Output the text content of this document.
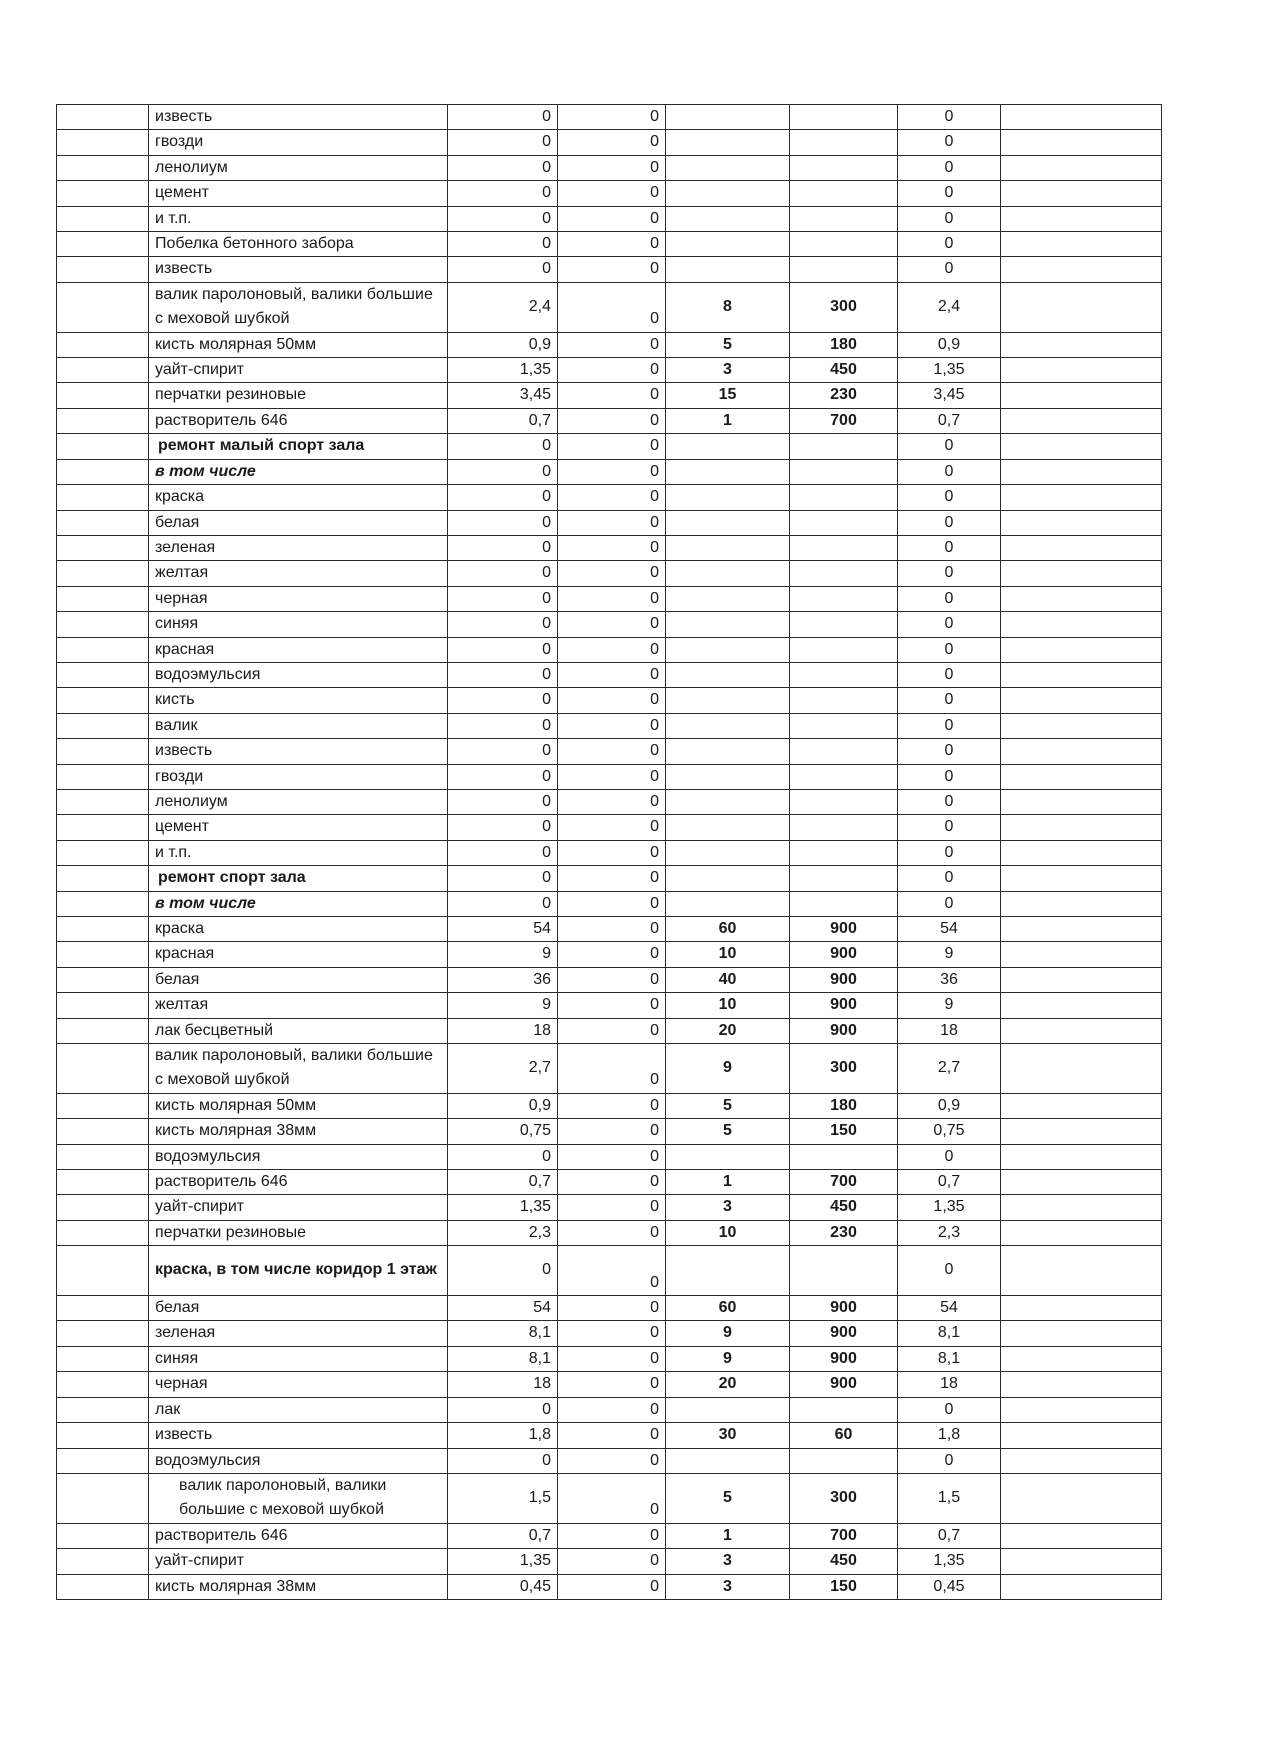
	известь	0	0			0	
	гвозди	0	0			0	
	ленолиум	0	0			0	
	цемент	0	0			0	
	и т.п.	0	0			0	
	Побелка бетонного забора	0	0			0	
	известь	0	0			0	
	валик паролоновый, валики большие с меховой шубкой	2,4	0	8	300	2,4	
	кисть молярная 50мм	0,9	0	5	180	0,9	
	уайт-спирит	1,35	0	3	450	1,35	
	перчатки резиновые	3,45	0	15	230	3,45	
	растворитель 646	0,7	0	1	700	0,7	
	ремонт малый спорт зала	0	0			0	
	в том числе	0	0			0	
	краска	0	0			0	
	белая	0	0			0	
	зеленая	0	0			0	
	желтая	0	0			0	
	черная	0	0			0	
	синяя	0	0			0	
	красная	0	0			0	
	водоэмульсия	0	0			0	
	кисть	0	0			0	
	валик	0	0			0	
	известь	0	0			0	
	гвозди	0	0			0	
	ленолиум	0	0			0	
	цемент	0	0			0	
	и т.п.	0	0			0	
	ремонт спорт зала	0	0			0	
	в том числе	0	0			0	
	краска	54	0	60	900	54	
	красная	9	0	10	900	9	
	белая	36	0	40	900	36	
	желтая	9	0	10	900	9	
	лак бесцветный	18	0	20	900	18	
	валик паролоновый, валики большие с меховой шубкой	2,7	0	9	300	2,7	
	кисть молярная 50мм	0,9	0	5	180	0,9	
	кисть молярная 38мм	0,75	0	5	150	0,75	
	водоэмульсия	0	0			0	
	растворитель 646	0,7	0	1	700	0,7	
	уайт-спирит	1,35	0	3	450	1,35	
	перчатки резиновые	2,3	0	10	230	2,3	
	краска, в том числе коридор 1 этаж	0	0			0	
	белая	54	0	60	900	54	
	зеленая	8,1	0	9	900	8,1	
	синяя	8,1	0	9	900	8,1	
	черная	18	0	20	900	18	
	лак	0	0			0	
	известь	1,8	0	30	60	1,8	
	водоэмульсия	0	0			0	
	валик паролоновый, валики большие с меховой шубкой	1,5	0	5	300	1,5	
	растворитель 646	0,7	0	1	700	0,7	
	уайт-спирит	1,35	0	3	450	1,35	
	кисть молярная 38мм	0,45	0	3	150	0,45	
